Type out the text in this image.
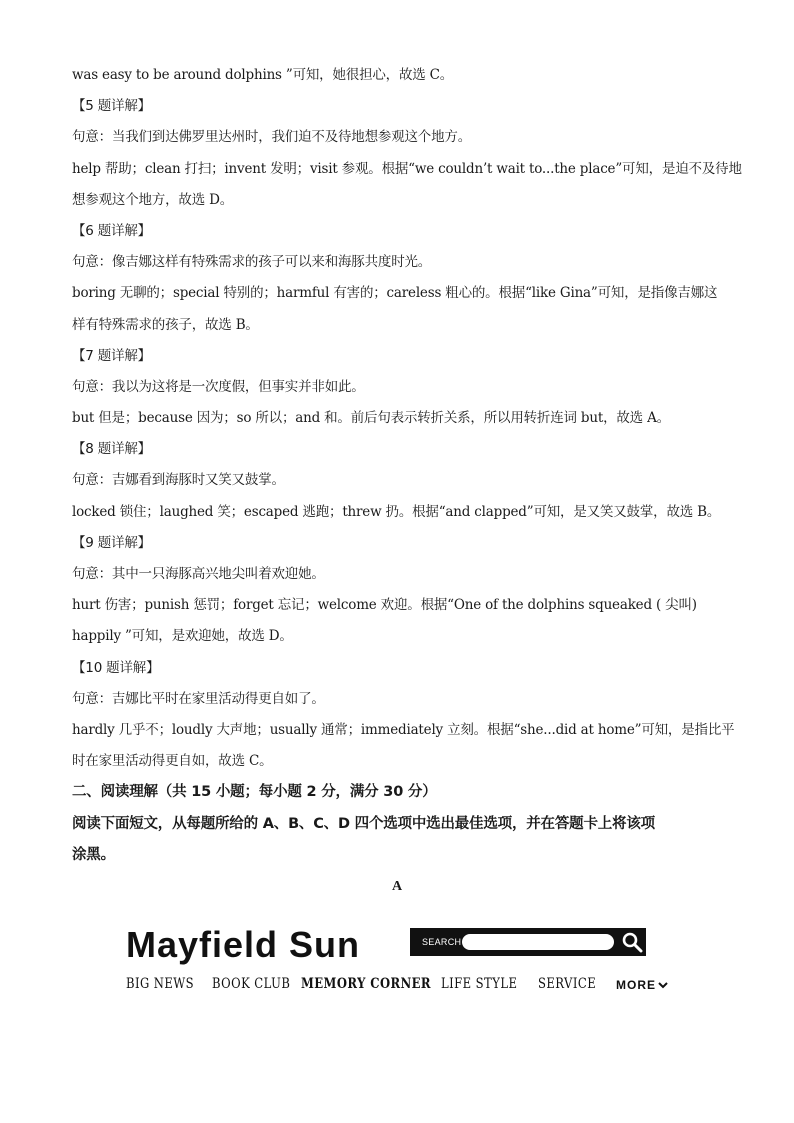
was easy to be around dolphins ”可知，她很担心，故选 C。
【5 题详解】
句意：当我们到达佛罗里达州时，我们迫不及待地想参观这个地方。
help 帮助；clean 打扫；invent 发明；visit 参观。根据“we couldn’t wait to...the place”可知，是迫不及待地
想参观这个地方，故选 D。
【6 题详解】
句意：像吉娜这样有特殊需求的孩子可以来和海豚共度时光。
boring 无聊的；special 特别的；harmful 有害的；careless 粗心的。根据“like Gina”可知，是指像吉娜这
样有特殊需求的孩子，故选 B。
【7 题详解】
句意：我以为这将是一次度假，但事实并非如此。
but 但是；because 因为；so 所以；and 和。前后句表示转折关系，所以用转折连词 but，故选 A。
【8 题详解】
句意：吉娜看到海豚时又笑又鼓掌。
locked 锁住；laughed 笑；escaped 逃跑；threw 扔。根据“and clapped”可知，是又笑又鼓掌，故选 B。
【9 题详解】
句意：其中一只海豚高兴地尖叫着欢迎她。
hurt 伤害；punish 惩罚；forget 忘记；welcome 欢迎。根据“One of the dolphins squeaked ( 尖叫)
happily ”可知，是欢迎她，故选 D。
【10 题详解】
句意：吉娜比平时在家里活动得更自如了。
hardly 几乎不；loudly 大声地；usually 通常；immediately 立刻。根据“she...did at home”可知，是指比平
时在家里活动得更自如，故选 C。
二、阅读理解（共 15 小题；每小题 2 分，满分 30 分）
阅读下面短文，从每题所给的 A、B、C、D 四个选项中选出最佳选项，并在答题卡上将该项
涂黑。
A
Mayfield Sun	SEARCH
BIG NEWS BOOK CLUB MEMORY CORNER LIFE STYLE SERVICE MORE
